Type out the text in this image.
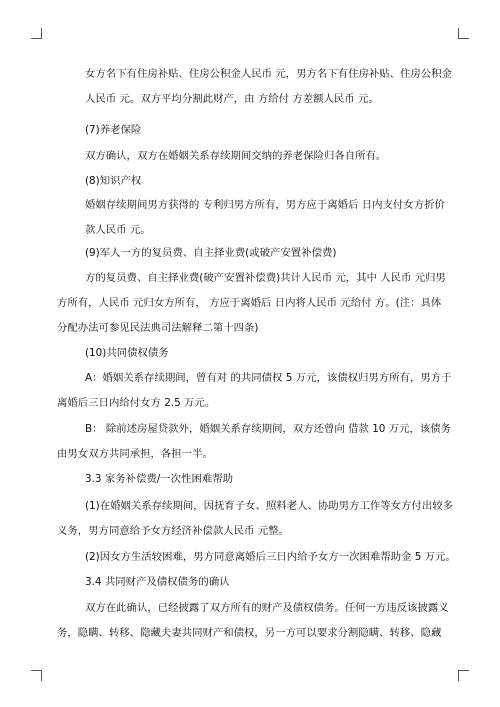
女方名下有住房补贴、住房公积金人民币 元，男方名下有住房补贴、住房公积金
人民币 元。双方平均分割此财产，由 方给付 方差额人民币 元。

(7)养老保险

双方确认，双方在婚姻关系存续期间交纳的养老保险归各自所有。

(8)知识产权

婚姻存续期间男方获得的 专利归男方所有，男方应于离婚后 日内支付女方折价
款人民币 元。

(9)军人一方的复员费、自主择业费(或破产安置补偿费)

方的复员费、自主择业费(破产安置补偿费)共计人民币 元，其中 人民币 元归男
方所有，人民币 元归女方所有， 方应于离婚后 日内将人民币 元给付 方。(注：具体
分配办法可参见民法典司法解释二第十四条)

(10)共同债权债务

A：婚姻关系存续期间，曾有对 的共同债权 5 万元，该债权归男方所有，男方于
离婚后三日内给付女方 2.5 万元。

B： 除前述房屋贷款外，婚姻关系存续期间，双方还曾向 借款 10 万元，该债务
由男女双方共同承担，各担一半。

3.3 家务补偿费/一次性困难帮助

(1)在婚姻关系存续期间，因抚育子女、照料老人、协助男方工作等女方付出较多
义务，男方同意给予女方经济补偿款人民币 元整。

(2)因女方生活较困难，男方同意离婚后三日内给予女方一次困难帮助金 5 万元。

3.4 共同财产及债权债务的确认

双方在此确认，已经披露了双方所有的财产及债权债务。任何一方违反该披露义
务，隐瞒、转移、隐藏夫妻共同财产和债权，另一方可以要求分割隐瞒、转移、隐藏
